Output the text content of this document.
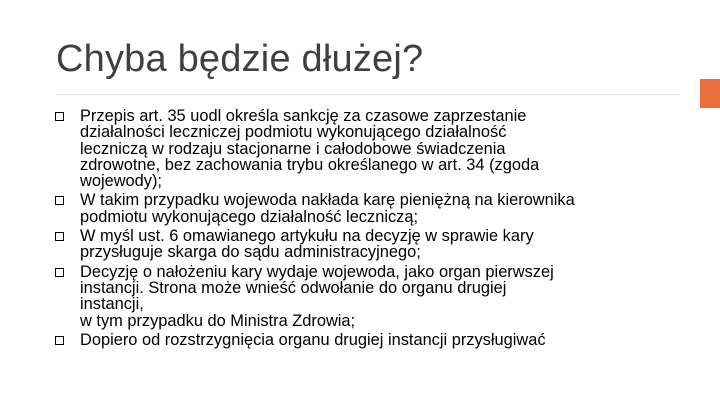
Chyba będzie dłużej?
Przepis art. 35 uodl określa sankcję za czasowe zaprzestanie
działalności leczniczej podmiotu wykonującego działalność
leczniczą w rodzaju stacjonarne i całodobowe świadczenia
zdrowotne, bez zachowania trybu określanego w art. 34 (zgoda
wojewody);
W takim przypadku wojewoda nakłada karę pieniężną na kierownika
podmiotu wykonującego działalność leczniczą;
W myśl ust. 6 omawianego artykułu na decyzję w sprawie kary
przysługuje skarga do sądu administracyjnego;
Decyzję o nałożeniu kary wydaje wojewoda, jako organ pierwszej
instancji. Strona może wnieść odwołanie do organu drugiej
instancji,
w tym przypadku do Ministra Zdrowia;
Dopiero od rozstrzygnięcia organu drugiej instancji przysługiwać
